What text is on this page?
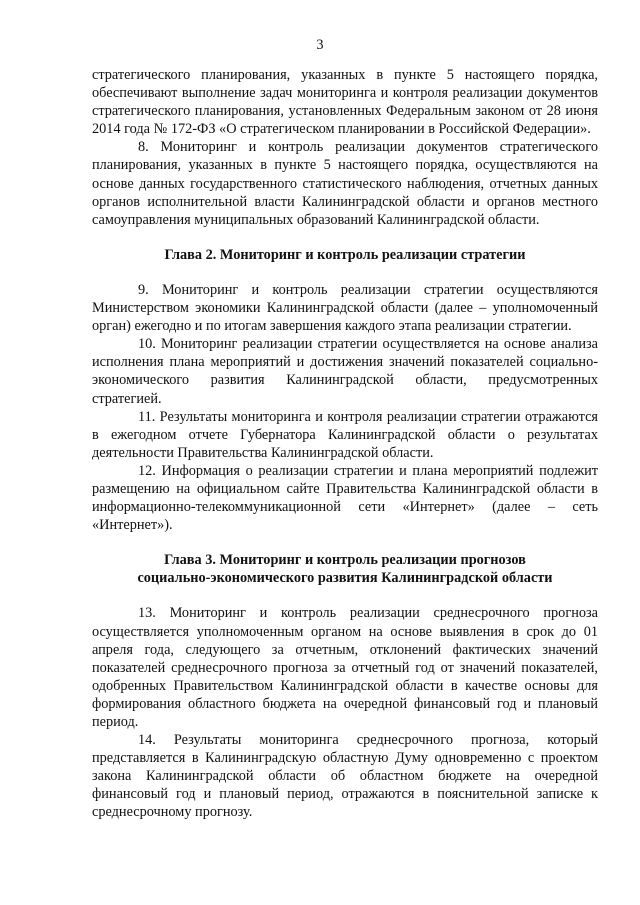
3

стратегического планирования, указанных в пункте 5 настоящего порядка, обеспечивают выполнение задач мониторинга и контроля реализации документов стратегического планирования, установленных Федеральным законом от 28 июня 2014 года № 172-ФЗ «О стратегическом планировании в Российской Федерации».

8. Мониторинг и контроль реализации документов стратегического планирования, указанных в пункте 5 настоящего порядка, осуществляются на основе данных государственного статистического наблюдения, отчетных данных органов исполнительной власти Калининградской области и органов местного самоуправления муниципальных образований Калининградской области.

Глава 2. Мониторинг и контроль реализации стратегии

9. Мониторинг и контроль реализации стратегии осуществляются Министерством экономики Калининградской области (далее – уполномоченный орган) ежегодно и по итогам завершения каждого этапа реализации стратегии.

10. Мониторинг реализации стратегии осуществляется на основе анализа исполнения плана мероприятий и достижения значений показателей социально-экономического развития Калининградской области, предусмотренных стратегией.

11. Результаты мониторинга и контроля реализации стратегии отражаются в ежегодном отчете Губернатора Калининградской области о результатах деятельности Правительства Калининградской области.

12. Информация о реализации стратегии и плана мероприятий подлежит размещению на официальном сайте Правительства Калининградской области в информационно-телекоммуникационной сети «Интернет» (далее – сеть «Интернет»).

Глава 3. Мониторинг и контроль реализации прогнозов
социально-экономического развития Калининградской области

13. Мониторинг и контроль реализации среднесрочного прогноза осуществляется уполномоченным органом на основе выявления в срок до 01 апреля года, следующего за отчетным, отклонений фактических значений показателей среднесрочного прогноза за отчетный год от значений показателей, одобренных Правительством Калининградской области в качестве основы для формирования областного бюджета на очередной финансовый год и плановый период.

14. Результаты мониторинга среднесрочного прогноза, который представляется в Калининградскую областную Думу одновременно с проектом закона Калининградской области об областном бюджете на очередной финансовый год и плановый период, отражаются в пояснительной записке к среднесрочному прогнозу.
